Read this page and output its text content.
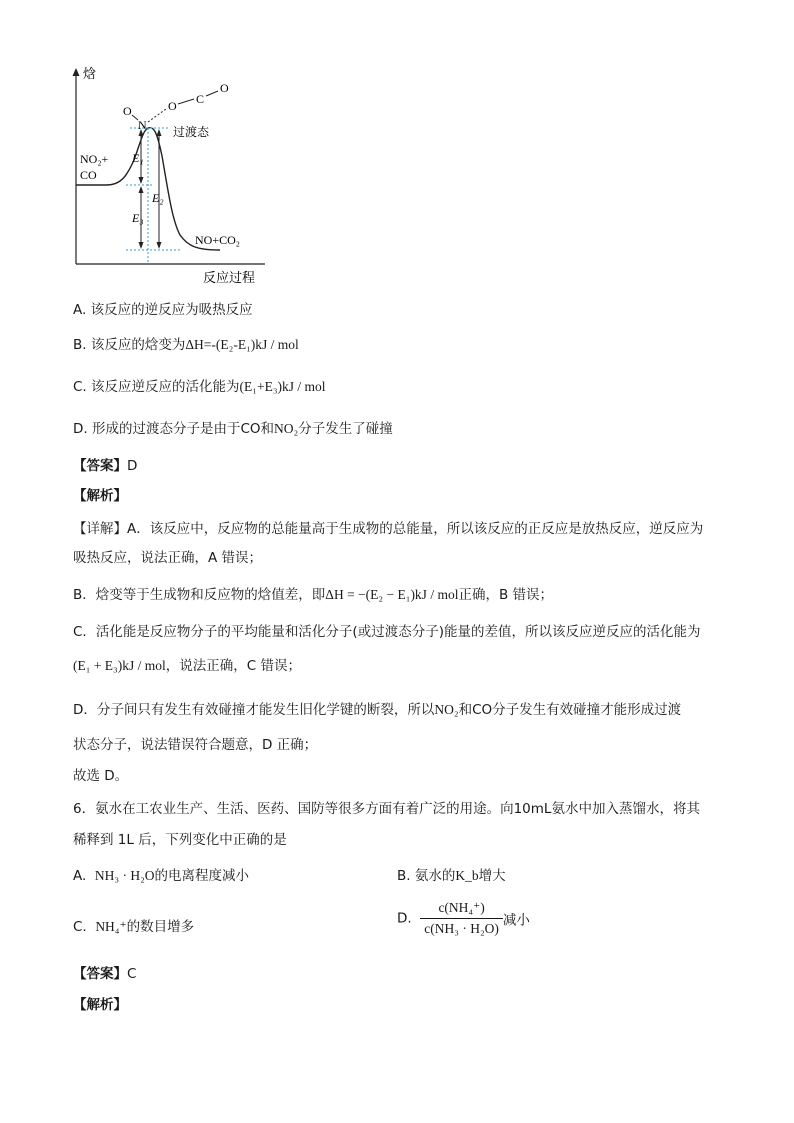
焓
反应过程
E₁
E₂
E₃
NO₂+
CO
NO+CO₂
过渡态
O
N
O C
O
A. 该反应的逆反应为吸热反应
B. 该反应的焓变为ΔH=-(E₂-E₁)kJ / mol
C. 该反应逆反应的活化能为(E₁+E₃)kJ / mol
D. 形成的过渡态分子是由于CO和NO₂分子发生了碰撞
【答案】D
【解析】
【详解】A．该反应中，反应物的总能量高于生成物的总能量，所以该反应的正反应是放热反应，逆反应为
吸热反应，说法正确，A 错误；
B．焓变等于生成物和反应物的焓值差，即ΔH = −(E₂ − E₁)kJ / mol正确，B 错误；
C．活化能是反应物分子的平均能量和活化分子(或过渡态分子)能量的差值，所以该反应逆反应的活化能为
(E₁ + E₃)kJ / mol，说法正确，C 错误；
D．分子间只有发生有效碰撞才能发生旧化学键的断裂，所以NO₂和CO分子发生有效碰撞才能形成过渡
状态分子，说法错误符合题意，D 正确；
故选 D。
6．氨水在工农业生产、生活、医药、国防等很多方面有着广泛的用途。向10mL氨水中加入蒸馏水，将其
稀释到 1L 后，下列变化中正确的是
A. NH₃ · H₂O的电离程度减小	B. 氨水的K_b增大
C. NH₄⁺的数目增多
D. $\frac{\text{c(NH₄⁺)}}{\text{c(NH₃ · H₂O)}}$ 减小
【答案】C
【解析】
